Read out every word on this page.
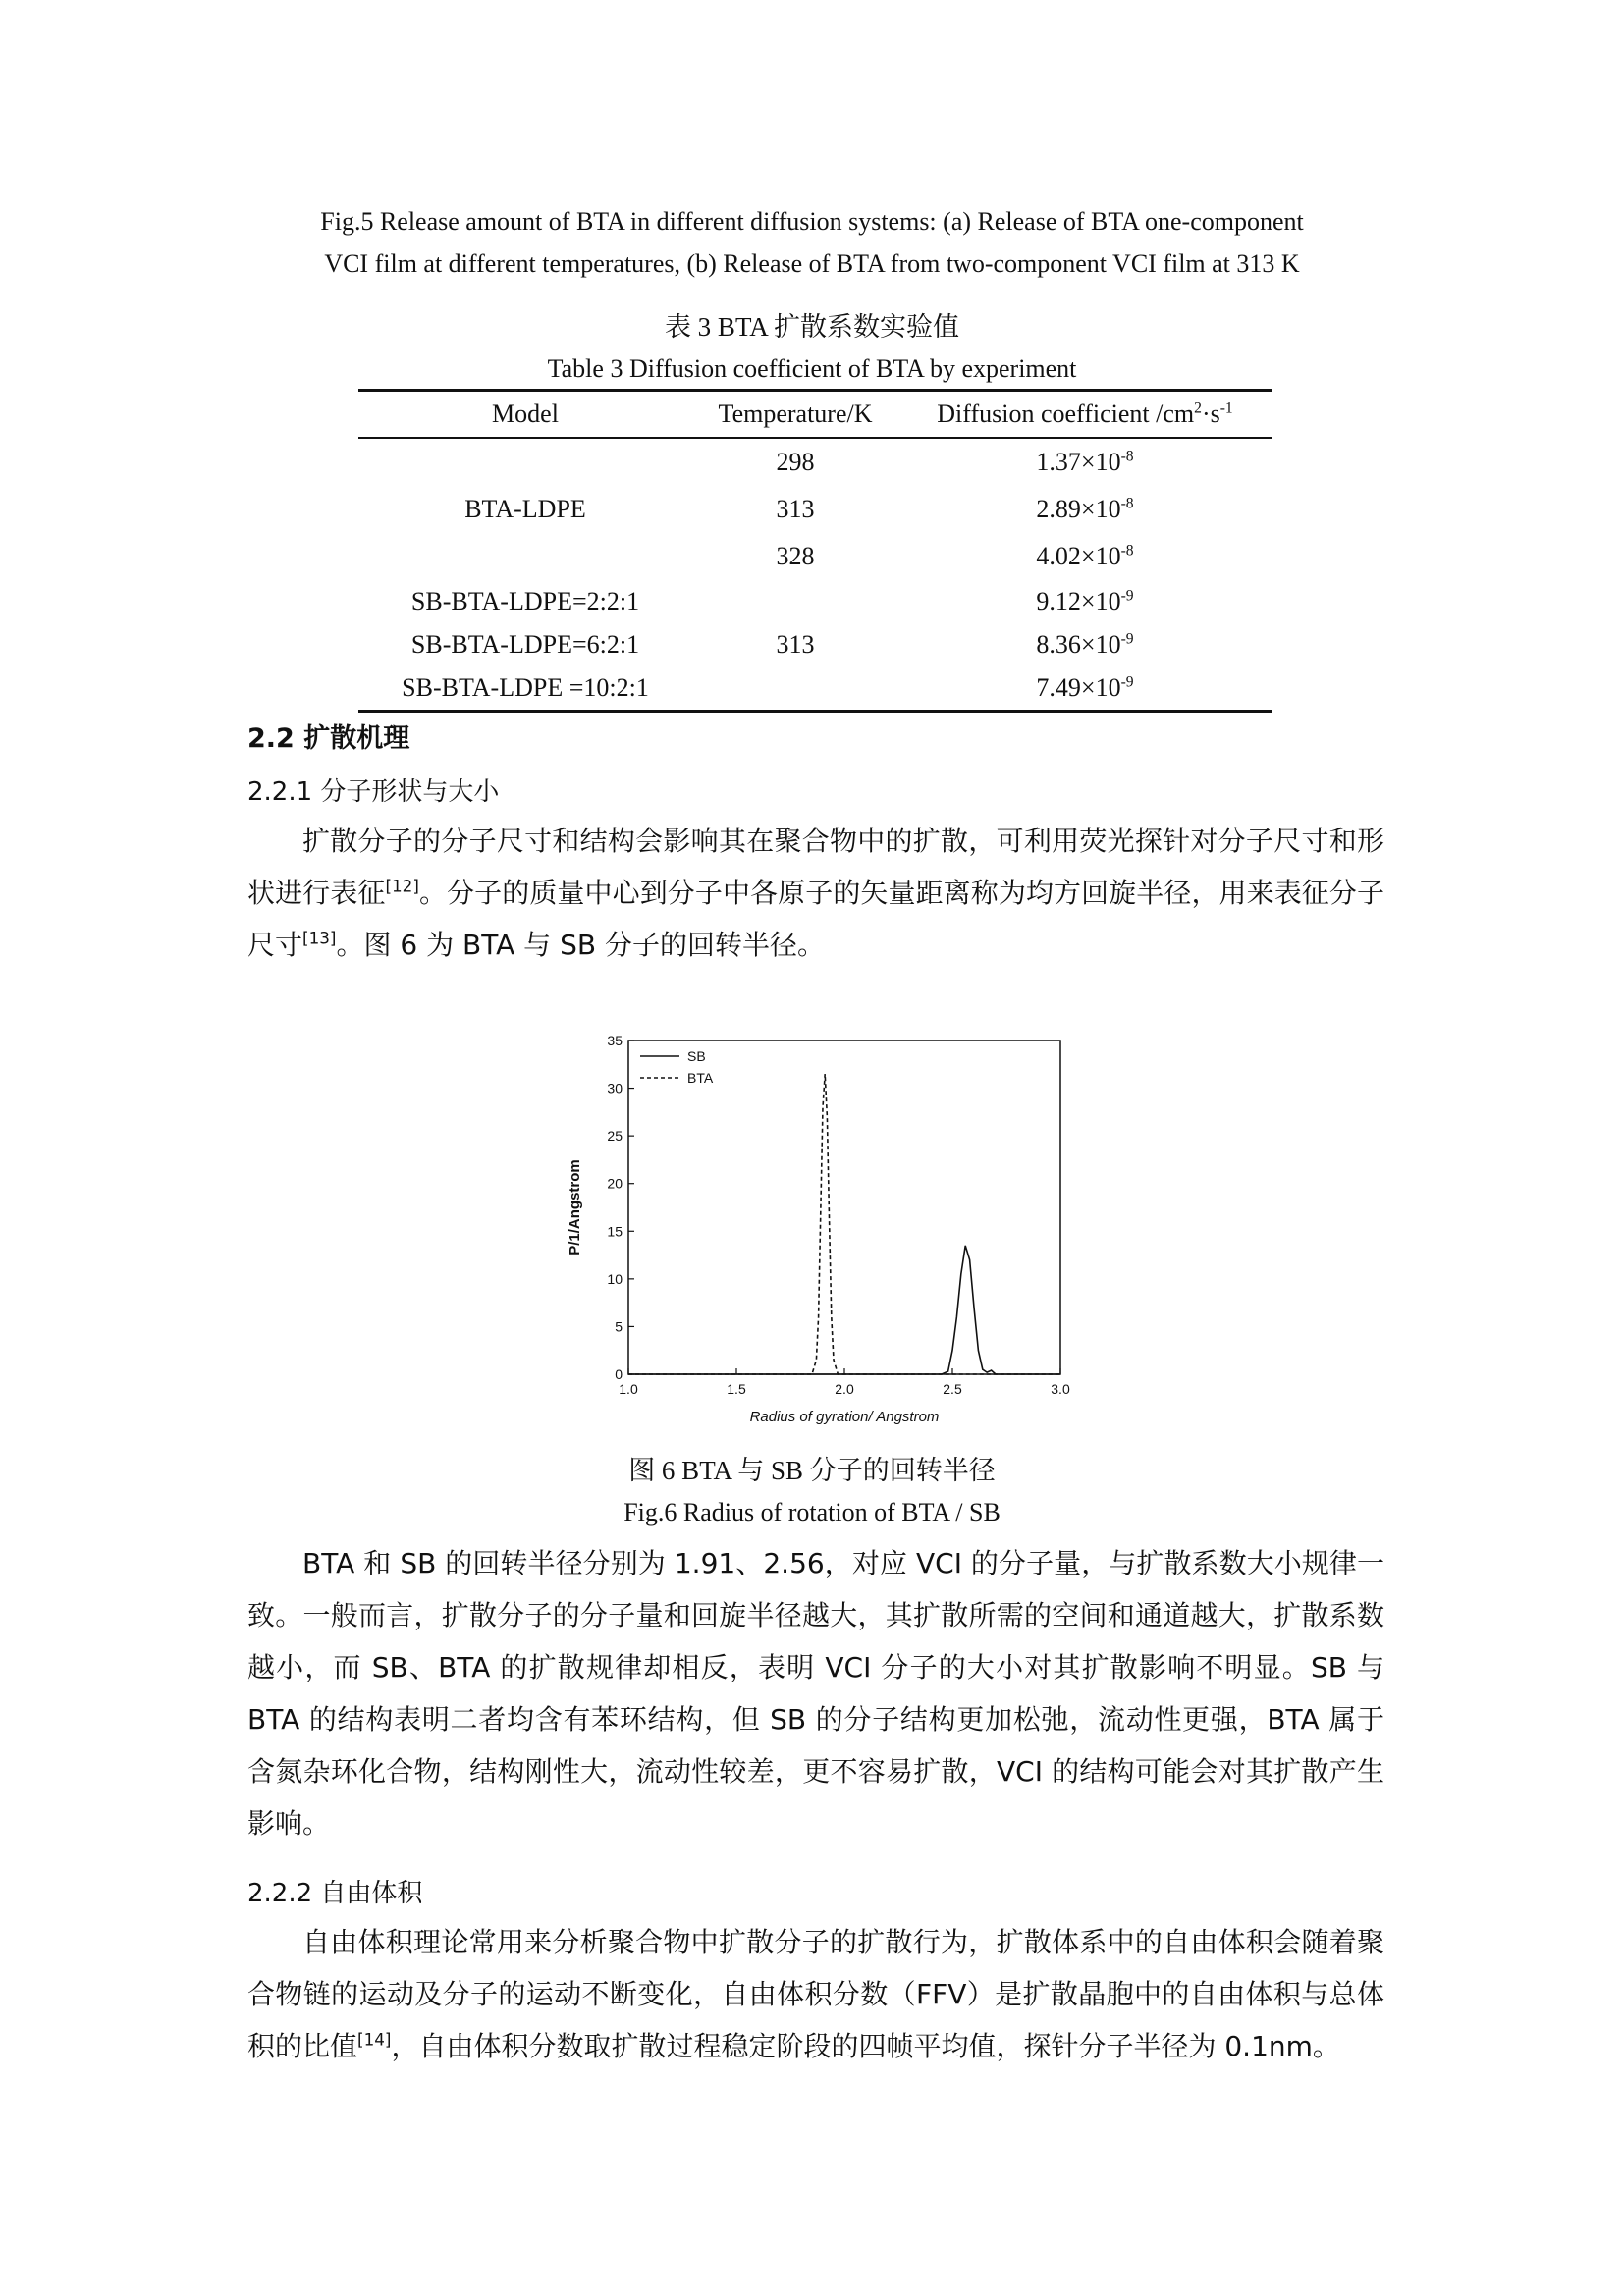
Fig.5 Release amount of BTA in different diffusion systems: (a) Release of BTA one-component
VCI film at different temperatures, (b) Release of BTA from two-component VCI film at 313 K
表 3 BTA 扩散系数实验值
Table 3 Diffusion coefficient of BTA by experiment
Model	Temperature/K	Diffusion coefficient $/cm^2\cdot s^{-1}$
	298	$1.37\times 10^{-8}$
BTA-LDPE	313	$2.89\times 10^{-8}$
	328	$4.02\times 10^{-8}$
SB-BTA-LDPE=2:2:1		$9.12\times 10^{-9}$
SB-BTA-LDPE=6:2:1	313	$8.36\times 10^{-9}$
SB-BTA-LDPE =10:2:1		$7.49\times 10^{-9}$
2.2 扩散机理
2.2.1 分子形状与大小
扩散分子的分子尺寸和结构会影响其在聚合物中的扩散，可利用荧光探针对分子尺寸和形状进行表征[12]。分子的质量中心到分子中各原子的矢量距离称为均方回旋半径，用来表征分子尺寸[13]。图 6 为 BTA 与 SB 分子的回转半径。
1.0	1.5	2.0	2.5	3.0
0
5
10
15
20
25
30
35
Radius of gyration/ Angstrom
P/1/Angstrom
SB
BTA
图 6 BTA 与 SB 分子的回转半径
Fig.6 Radius of rotation of BTA / SB
BTA 和 SB 的回转半径分别为 1.91、2.56，对应 VCI 的分子量，与扩散系数大小规律一致。一般而言，扩散分子的分子量和回旋半径越大，其扩散所需的空间和通道越大，扩散系数越小，而 SB、BTA 的扩散规律却相反，表明 VCI 分子的大小对其扩散影响不明显。SB 与 BTA 的结构表明二者均含有苯环结构，但 SB 的分子结构更加松弛，流动性更强，BTA 属于含氮杂环化合物，结构刚性大，流动性较差，更不容易扩散，VCI 的结构可能会对其扩散产生影响。
2.2.2 自由体积
自由体积理论常用来分析聚合物中扩散分子的扩散行为，扩散体系中的自由体积会随着聚合物链的运动及分子的运动不断变化，自由体积分数（FFV）是扩散晶胞中的自由体积与总体积的比值[14]，自由体积分数取扩散过程稳定阶段的四帧平均值，探针分子半径为 0.1nm。
